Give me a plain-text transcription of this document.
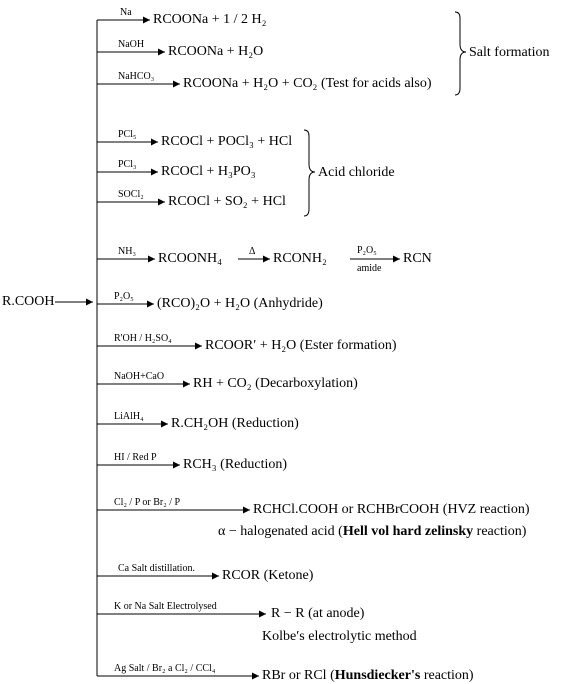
R.COOH
Na
NaOH
NaHCO₃
PCl₅
PCl₃
SOCl₂
NH₃
P₂O₅
R'OH / H₂SO₄
NaOH+CaO
LiAlH₄
HI / Red P
Cl₂ / P or Br₂ / P
Ca Salt distillation.
K or Na Salt Electrolysed
Ag Salt / Br₂ a Cl₂ / CCl₄
RCOONa + 1 / 2 H₂
RCOONa + H₂O
RCOONa + H₂O + CO₂ (Test for acids also)
RCOCl + POCl₃ + HCl
RCOCl + H₃PO₃
RCOCl + SO₂ + HCl
RCOONH₄	Δ RCONH₂
P₂O₅
amide
RCN
(RCO)₂O + H₂O (Anhydride)
RCOOR′ + H₂O (Ester formation)
RH + CO₂ (Decarboxylation)
R.CH₂OH (Reduction)
RCH₃ (Reduction)
RCHCl.COOH or RCHBrCOOH (HVZ reaction)
α − halogenated acid (Hell vol hard zelinsky reaction)
RCOR (Ketone)
R − R (at anode)
Kolbe′s electrolytic method
RBr or RCl (Hunsdiecker's reaction)
Salt formation
Acid chloride
